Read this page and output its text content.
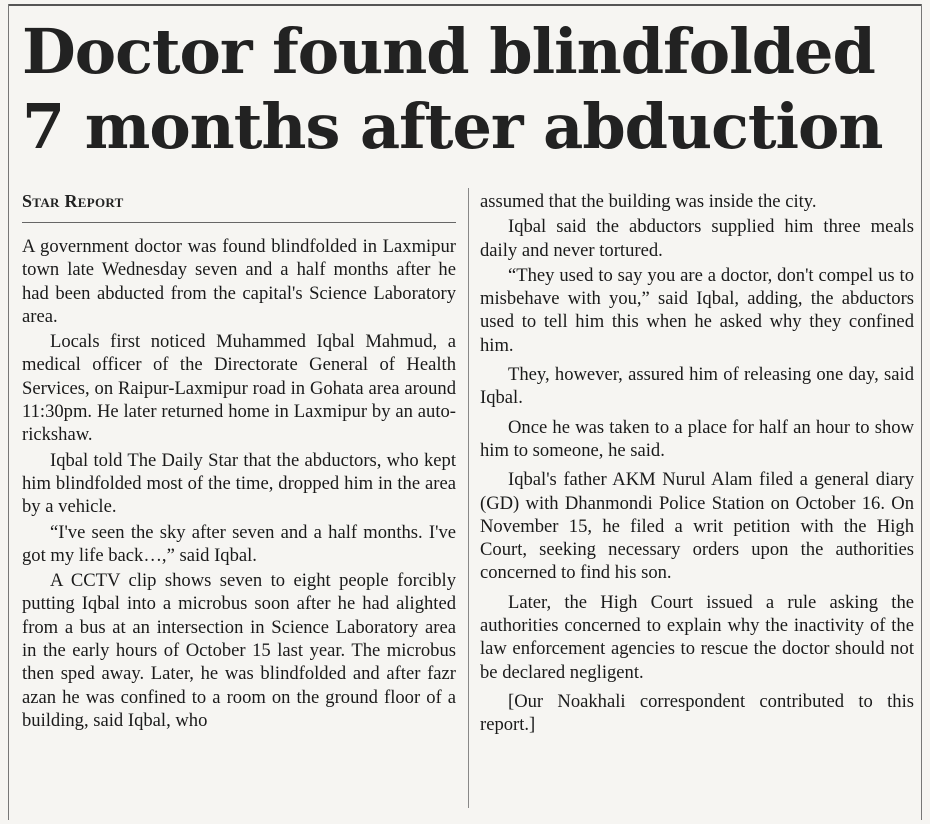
Doctor found blindfolded
7 months after abduction
Star Report

A government doctor was found blindfolded in Laxmipur town late Wednesday seven and a half months after he had been abducted from the capital's Science Laboratory area.

Locals first noticed Muhammed Iqbal Mahmud, a medical officer of the Directorate General of Health Services, on Raipur-Laxmipur road in Gohata area around 11:30pm. He later returned home in Laxmipur by an auto-rickshaw.

Iqbal told The Daily Star that the abductors, who kept him blindfolded most of the time, dropped him in the area by a vehicle.

“I've seen the sky after seven and a half months. I've got my life back…,” said Iqbal.

A CCTV clip shows seven to eight people forcibly putting Iqbal into a microbus soon after he had alighted from a bus at an intersection in Science Laboratory area in the early hours of October 15 last year. The microbus then sped away. Later, he was blindfolded and after fazr azan he was confined to a room on the ground floor of a building, said Iqbal, who

assumed that the building was inside the city.

Iqbal said the abductors supplied him three meals daily and never tortured.

“They used to say you are a doctor, don't compel us to misbehave with you,” said Iqbal, adding, the abductors used to tell him this when he asked why they confined him.

They, however, assured him of releasing one day, said Iqbal.

Once he was taken to a place for half an hour to show him to someone, he said.

Iqbal's father AKM Nurul Alam filed a general diary (GD) with Dhanmondi Police Station on October 16. On November 15, he filed a writ petition with the High Court, seeking necessary orders upon the authorities concerned to find his son.

Later, the High Court issued a rule asking the authorities concerned to explain why the inactivity of the law enforcement agencies to rescue the doctor should not be declared negligent.

[Our Noakhali correspondent contributed to this report.]
